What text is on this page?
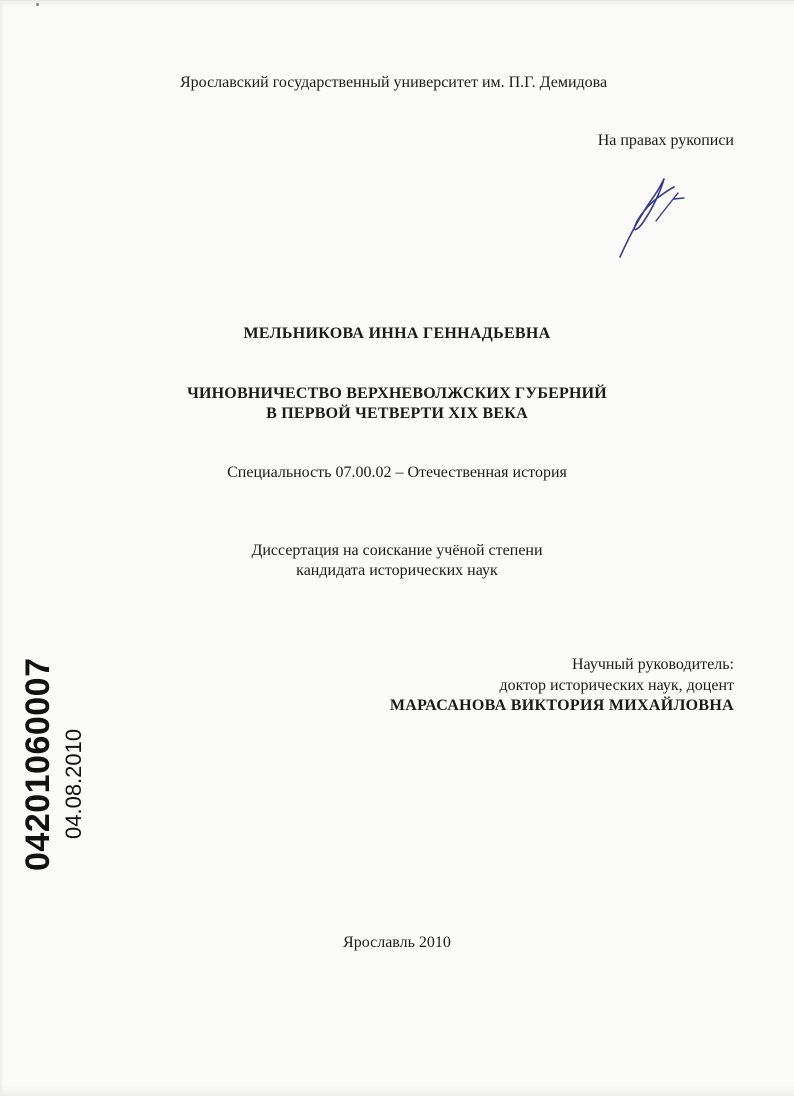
Ярославский государственный университет им. П.Г. Демидова
На правах рукописи
МЕЛЬНИКОВА ИННА ГЕННАДЬЕВНА
ЧИНОВНИЧЕСТВО ВЕРХНЕВОЛЖСКИХ ГУБЕРНИЙ
В ПЕРВОЙ ЧЕТВЕРТИ XIX ВЕКА
Специальность 07.00.02 – Отечественная история
Диссертация на соискание учёной степени
кандидата исторических наук
Научный руководитель:
доктор исторических наук, доцент
МАРАСАНОВА ВИКТОРИЯ МИХАЙЛОВНА
Ярославль 2010
04201060007 04.08.2010
